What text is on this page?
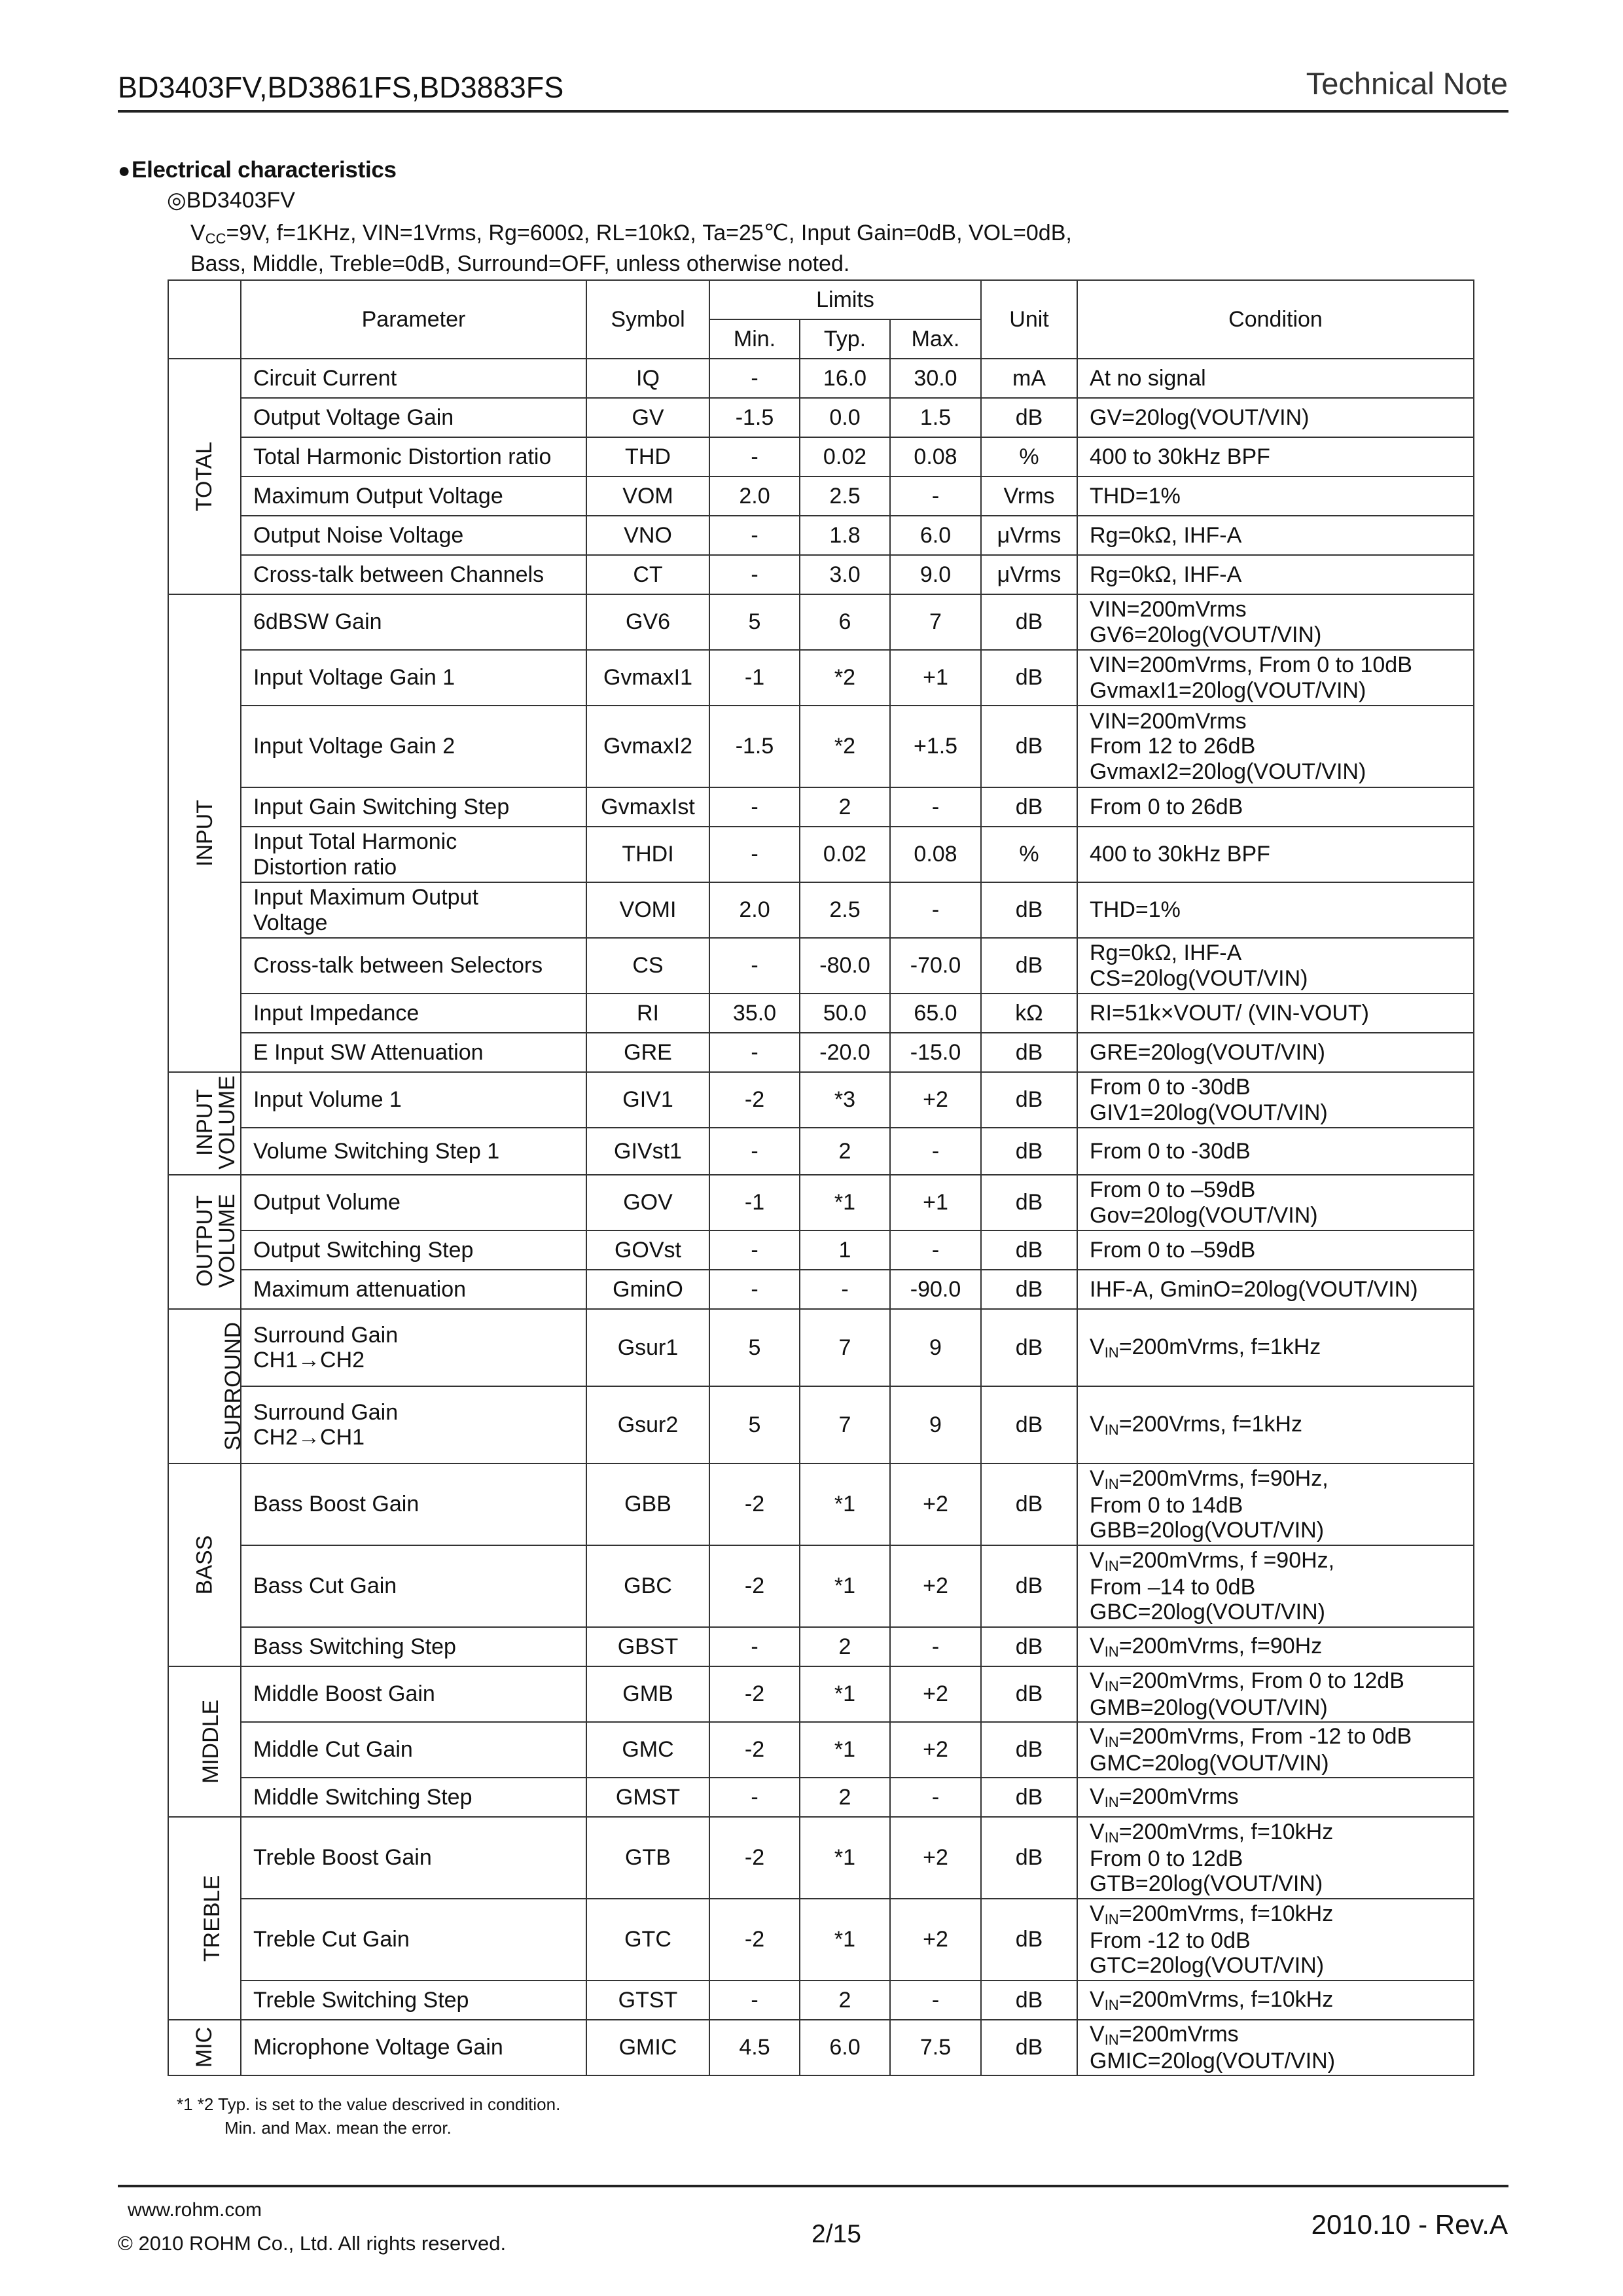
BD3403FV,BD3861FS,BD3883FS	Technical Note
●Electrical characteristics
◎BD3403FV
$V_{CC}=9V$, f=1KHz, VIN=1Vrms, Rg=600Ω, RL=10kΩ, Ta=25℃, Input Gain=0dB, VOL=0dB,
Bass, Middle, Treble=0dB, Surround=OFF, unless otherwise noted.
	Parameter	Symbol	Limits			Unit	Condition
			Min.	Typ.	Max.		
TOTAL	Circuit Current	IQ	-	16.0	30.0	mA	At no signal
	Output Voltage Gain	GV	-1.5	0.0	1.5	dB	GV=20log(VOUT/VIN)
	Total Harmonic Distortion ratio	THD	-	0.02	0.08	%	400 to 30kHz BPF
	Maximum Output Voltage	VOM	2.0	2.5	-	Vrms	THD=1%
	Output Noise Voltage	VNO	-	1.8	6.0	μVrms	Rg=0kΩ, IHF-A
	Cross-talk between Channels	CT	-	3.0	9.0	μVrms	Rg=0kΩ, IHF-A
INPUT	6dBSW Gain	GV6	5	6	7	dB	VIN=200mVrms
GV6=20log(VOUT/VIN)
	Input Voltage Gain 1	GvmaxI1	-1	*2	+1	dB	VIN=200mVrms, From 0 to 10dB
GvmaxI1=20log(VOUT/VIN)
	Input Voltage Gain 2	GvmaxI2	-1.5	*2	+1.5	dB	VIN=200mVrms
From 12 to 26dB
GvmaxI2=20log(VOUT/VIN)
	Input Gain Switching Step	GvmaxIst	-	2	-	dB	From 0 to 26dB
	Input Total Harmonic
Distortion ratio	THDI	-	0.02	0.08	%	400 to 30kHz BPF
	Input Maximum Output
Voltage	VOMI	2.0	2.5	-	dB	THD=1%
	Cross-talk between Selectors	CS	-	-80.0	-70.0	dB	Rg=0kΩ, IHF-A
CS=20log(VOUT/VIN)
	Input Impedance	RI	35.0	50.0	65.0	kΩ	RI=51k×VOUT/ (VIN-VOUT)
	E Input SW Attenuation	GRE	-	-20.0	-15.0	dB	GRE=20log(VOUT/VIN)
INPUT
VOLUME	Input Volume 1	GIV1	-2	*3	+2	dB	From 0 to -30dB
GIV1=20log(VOUT/VIN)
	Volume Switching Step 1	GIVst1	-	2	-	dB	From 0 to -30dB
OUTPUT
VOLUME	Output Volume	GOV	-1	*1	+1	dB	From 0 to –59dB
Gov=20log(VOUT/VIN)
	Output Switching Step	GOVst	-	1	-	dB	From 0 to –59dB
	Maximum attenuation	GminO	-	-	-90.0	dB	IHF-A, GminO=20log(VOUT/VIN)
SURROUND	Surround Gain
CH1→CH2	Gsur1	5	7	9	dB	$V_{IN}=200mVrms$, f=1kHz
	Surround Gain
CH2→CH1	Gsur2	5	7	9	dB	$V_{IN}=200Vrms$, f=1kHz
BASS	Bass Boost Gain	GBB	-2	*1	+2	dB	$V_{IN}=200mVrms$, f=90Hz,
From 0 to 14dB
GBB=20log(VOUT/VIN)
	Bass Cut Gain	GBC	-2	*1	+2	dB	$V_{IN}=200mVrms$, f =90Hz,
From –14 to 0dB
GBC=20log(VOUT/VIN)
	Bass Switching Step	GBST	-	2	-	dB	$V_{IN}=200mVrms$, f=90Hz
MIDDLE	Middle Boost Gain	GMB	-2	*1	+2	dB	$V_{IN}=200mVrms$, From 0 to 12dB
GMB=20log(VOUT/VIN)
	Middle Cut Gain	GMC	-2	*1	+2	dB	$V_{IN}=200mVrms$, From -12 to 0dB
GMC=20log(VOUT/VIN)
	Middle Switching Step	GMST	-	2	-	dB	$V_{IN}=200mVrms$
TREBLE	Treble Boost Gain	GTB	-2	*1	+2	dB	$V_{IN}=200mVrms$, f=10kHz
From 0 to 12dB
GTB=20log(VOUT/VIN)
	Treble Cut Gain	GTC	-2	*1	+2	dB	$V_{IN}=200mVrms$, f=10kHz
From -12 to 0dB
GTC=20log(VOUT/VIN)
	Treble Switching Step	GTST	-	2	-	dB	$V_{IN}=200mVrms$, f=10kHz
MIC	Microphone Voltage Gain	GMIC	4.5	6.0	7.5	dB	$V_{IN}=200mVrms$
GMIC=20log(VOUT/VIN)
*1 *2 Typ. is set to the value descrived in condition.
Min. and Max. mean the error.
www.rohm.com
© 2010 ROHM Co., Ltd. All rights reserved.	2/15	2010.10 - Rev.A
